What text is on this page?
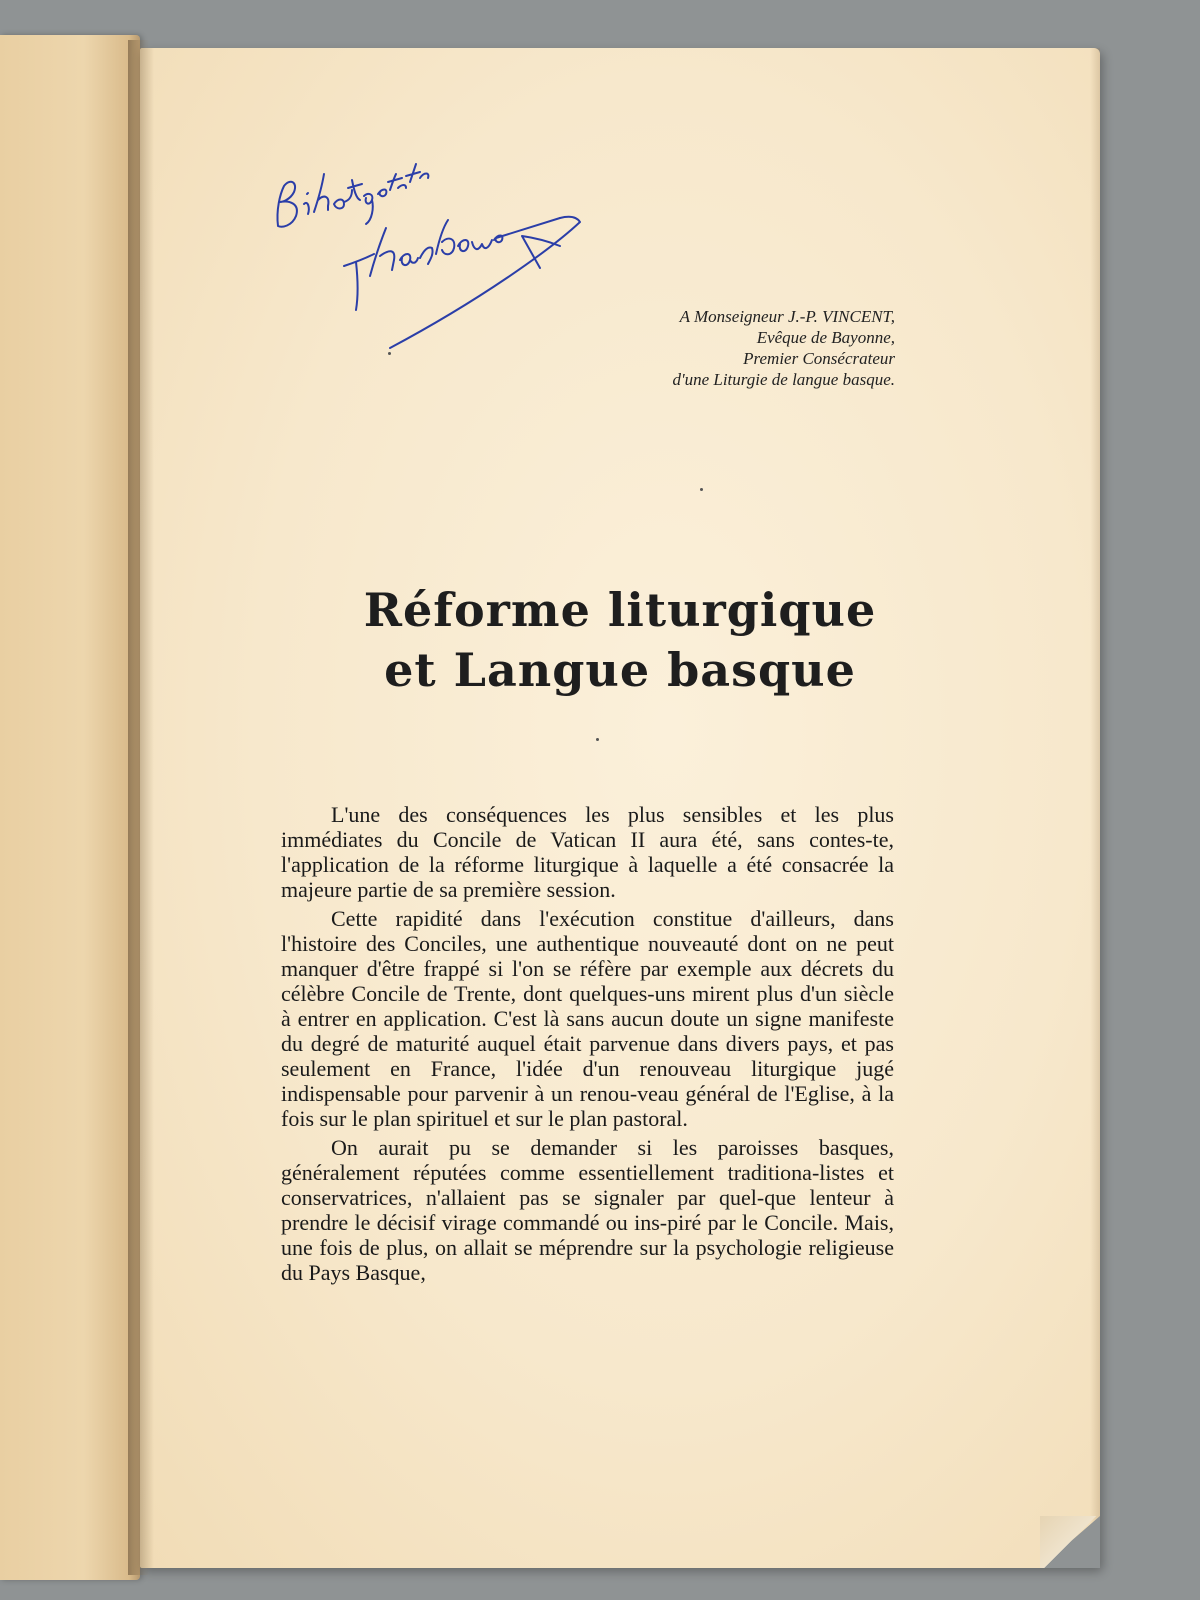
A Monseigneur J.-P. VINCENT,
Evêque de Bayonne,
Premier Consécrateur
d'une Liturgie de langue basque.
Réforme liturgique
et Langue basque

L'une des conséquences les plus sensibles et les plus immédiates du Concile de Vatican II aura été, sans contes-te, l'application de la réforme liturgique à laquelle a été consacrée la majeure partie de sa première session.

Cette rapidité dans l'exécution constitue d'ailleurs, dans l'histoire des Conciles, une authentique nouveauté dont on ne peut manquer d'être frappé si l'on se réfère par exemple aux décrets du célèbre Concile de Trente, dont quelques-uns mirent plus d'un siècle à entrer en application. C'est là sans aucun doute un signe manifeste du degré de maturité auquel était parvenue dans divers pays, et pas seulement en France, l'idée d'un renouveau liturgique jugé indispensable pour parvenir à un renou-veau général de l'Eglise, à la fois sur le plan spirituel et sur le plan pastoral.

On aurait pu se demander si les paroisses basques, généralement réputées comme essentiellement traditiona-listes et conservatrices, n'allaient pas se signaler par quel-que lenteur à prendre le décisif virage commandé ou ins-piré par le Concile. Mais, une fois de plus, on allait se méprendre sur la psychologie religieuse du Pays Basque,
